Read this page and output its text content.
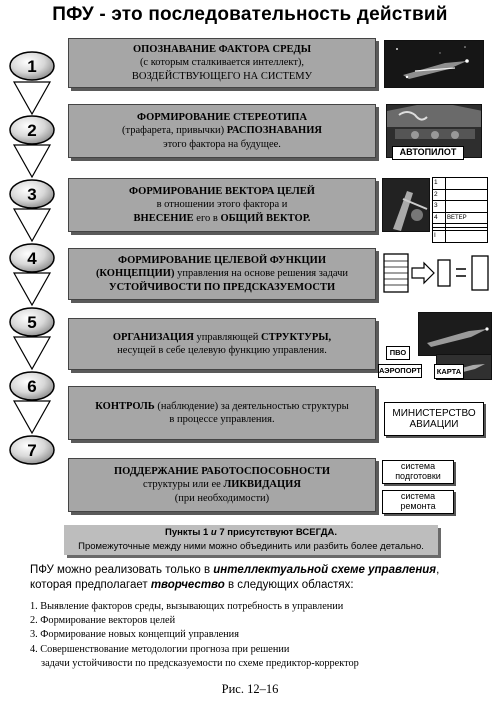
ПФУ - это последовательность действий
1
2
3
4
5
6
7
ОПОЗНАВАНИЕ ФАКТОРА СРЕДЫ
(с которым сталкивается интеллект),
ВОЗДЕЙСТВУЮЩЕГО НА СИСТЕМУ
ФОРМИРОВАНИЕ СТЕРЕОТИПА
(трафарета, привычки) РАСПОЗНАВАНИЯ
этого фактора на будущее.
ФОРМИРОВАНИЕ ВЕКТОРА ЦЕЛЕЙ
в отношении этого фактора и
ВНЕСЕНИЕ его в ОБЩИЙ ВЕКТОР.
ФОРМИРОВАНИЕ ЦЕЛЕВОЙ ФУНКЦИИ
(КОНЦЕПЦИИ) управления на основе решения задачи
УСТОЙЧИВОСТИ ПО ПРЕДСКАЗУЕМОСТИ
ОРГАНИЗАЦИЯ управляющей СТРУКТУРЫ,
несущей в себе целевую функцию управления.
КОНТРОЛЬ (наблюдение) за деятельностью структуры
в процессе управления.
ПОДДЕРЖАНИЕ РАБОТОСПОСОБНОСТИ
структуры или ее ЛИКВИДАЦИЯ
(при необходимости)
АВТОПИЛОТ
1	
2	
3	
4	ВЕТЕР

I	
ПВО
АЭРОПОРТ	КАРТА
МИНИСТЕРСТВО АВИАЦИИ
система подготовки
система ремонта
Пункты 1 и 7 присутствуют ВСЕГДА.
Промежуточные между ними можно объединить или разбить более детально.
ПФУ можно реализовать только в интеллектуальной схеме управления, которая предполагает творчество в следующих областях:
1. Выявление факторов среды, вызывающих потребность в управлении
2. Формирование векторов целей
3. Формирование новых концепций управления
4. Совершенствование методологии прогноза при решении
задачи устойчивости по предсказуемости по схеме предиктор-корректор
Рис. 12–16
